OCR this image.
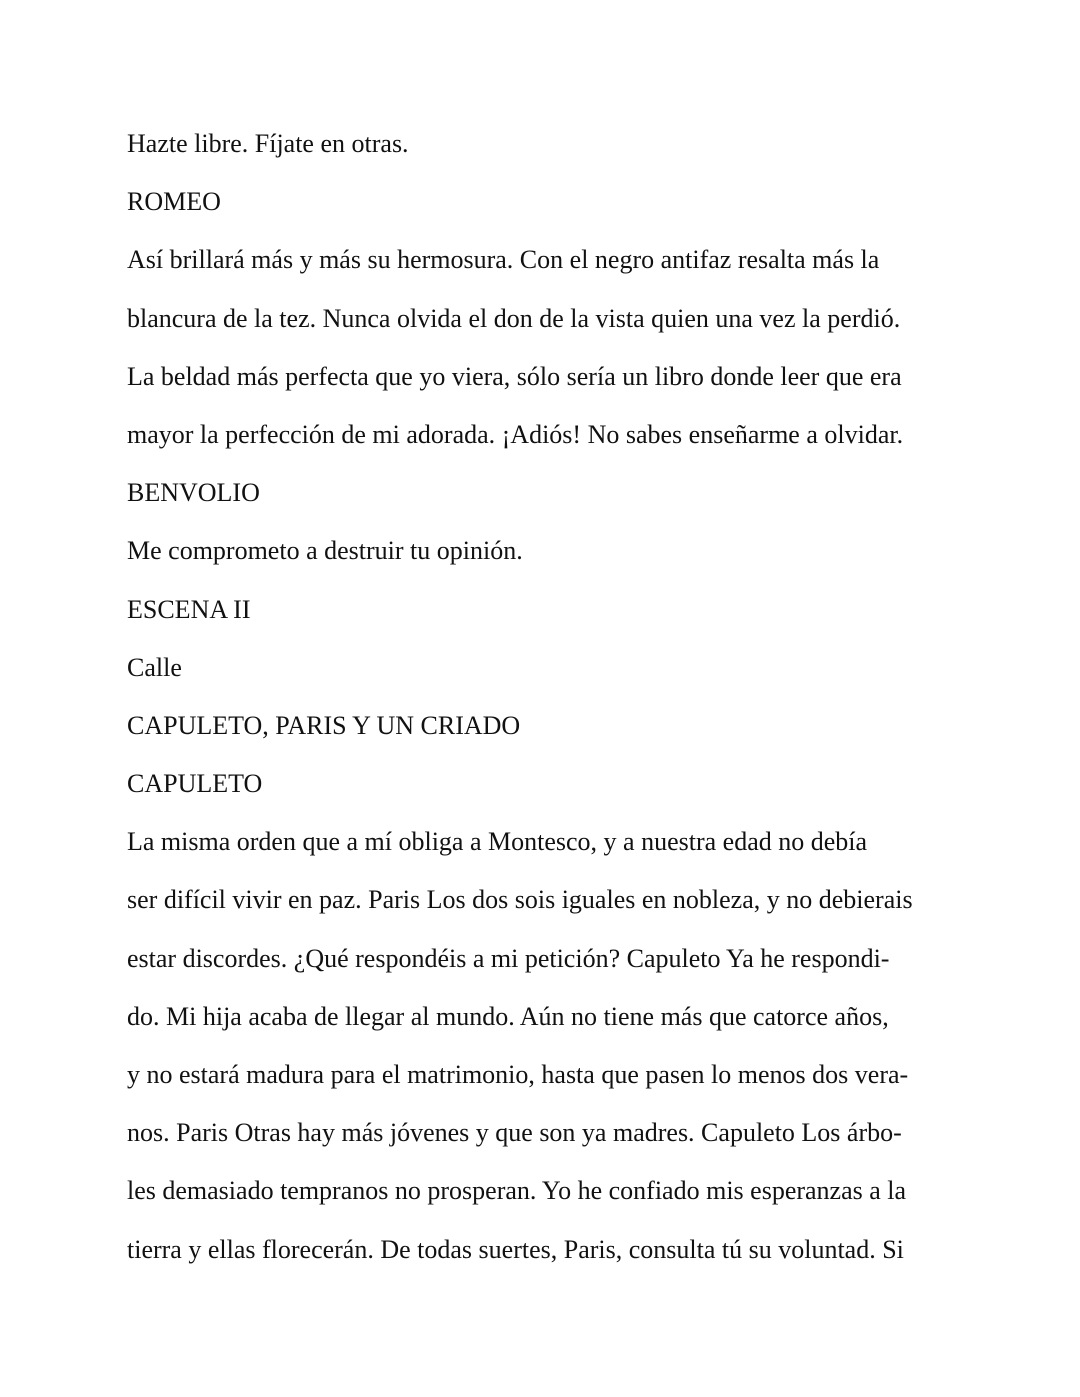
Hazte libre. Fíjate en otras.
ROMEO
Así brillará más y más su hermosura. Con el negro antifaz resalta más la
blancura de la tez. Nunca olvida el don de la vista quien una vez la perdió.
La beldad más perfecta que yo viera, sólo sería un libro donde leer que era
mayor la perfección de mi adorada. ¡Adiós! No sabes enseñarme a olvidar.
BENVOLIO
Me comprometo a destruir tu opinión.
ESCENA II
Calle
CAPULETO, PARIS Y UN CRIADO
CAPULETO
La misma orden que a mí obliga a Montesco, y a nuestra edad no debía
ser difícil vivir en paz. Paris Los dos sois iguales en nobleza, y no debierais
estar discordes. ¿Qué respondéis a mi petición? Capuleto Ya he respondi-
do. Mi hija acaba de llegar al mundo. Aún no tiene más que catorce años,
y no estará madura para el matrimonio, hasta que pasen lo menos dos vera-
nos. Paris Otras hay más jóvenes y que son ya madres. Capuleto Los árbo-
les demasiado tempranos no prosperan. Yo he confiado mis esperanzas a la
tierra y ellas florecerán. De todas suertes, Paris, consulta tú su voluntad. Si
